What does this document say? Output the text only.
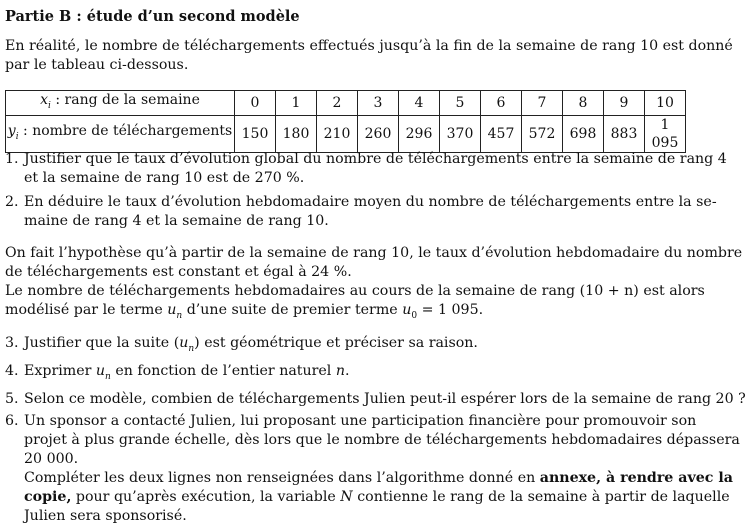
Partie B : étude d’un second modèle
En réalité, le nombre de téléchargements effectués jusqu’à la fin de la semaine de rang 10 est donné
par le tableau ci-dessous.
$x_i$ : rang de la semaine	0	1	2	3	4	5	6	7	8	9	10
$y_i$ : nombre de téléchargements	150	180	210	260	296	370	457	572	698	883	1 095
1. Justifier que le taux d’évolution global du nombre de téléchargements entre la semaine de rang 4
et la semaine de rang 10 est de 270 %.
2. En déduire le taux d’évolution hebdomadaire moyen du nombre de téléchargements entre la se-
maine de rang 4 et la semaine de rang 10.
On fait l’hypothèse qu’à partir de la semaine de rang 10, le taux d’évolution hebdomadaire du nombre
de téléchargements est constant et égal à 24 %.
Le nombre de téléchargements hebdomadaires au cours de la semaine de rang (10 + n) est alors
modélisé par le terme $u_n$ d’une suite de premier terme $u_0 = 1$ 095.
3. Justifier que la suite $(u_n)$ est géométrique et préciser sa raison.
4. Exprimer $u_n$ en fonction de l’entier naturel n.
5. Selon ce modèle, combien de téléchargements Julien peut-il espérer lors de la semaine de rang 20 ?
6. Un sponsor a contacté Julien, lui proposant une participation financière pour promouvoir son
projet à plus grande échelle, dès lors que le nombre de téléchargements hebdomadaires dépassera
20 000.
Compléter les deux lignes non renseignées dans l’algorithme donné en annexe, à rendre avec la
copie, pour qu’après exécution, la variable N contienne le rang de la semaine à partir de laquelle
Julien sera sponsorisé.
